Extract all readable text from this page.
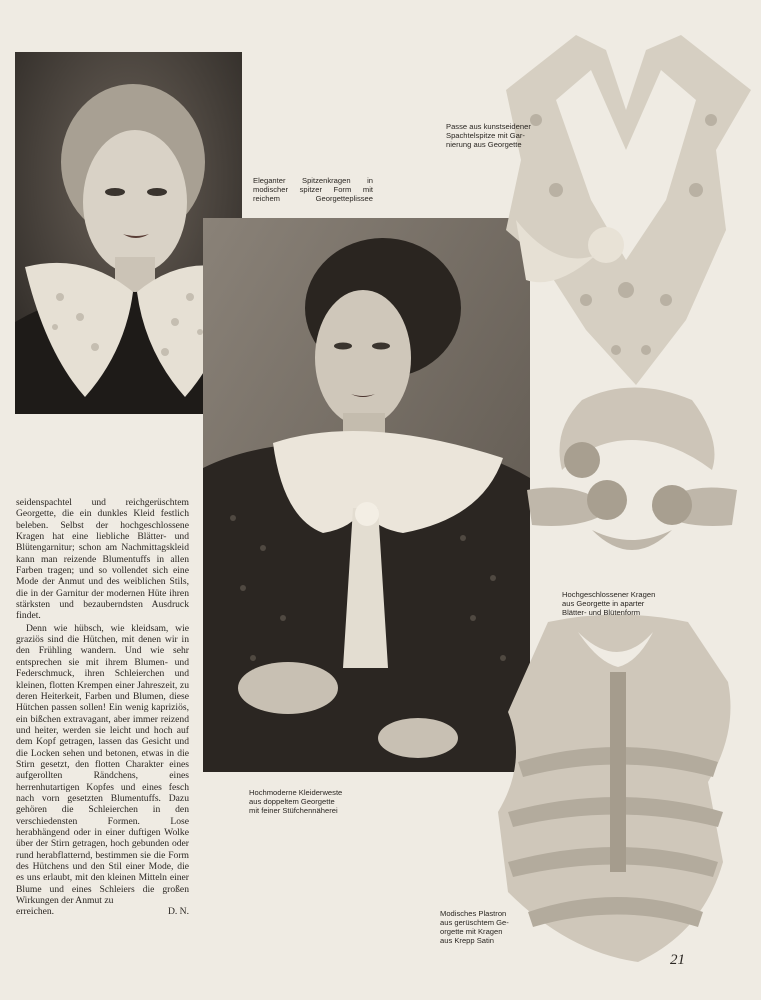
Eleganter Spitzenkragen in
modischer spitzer Form mit
reichem Georgetteplissee
Passe aus kunstseidener
Spachtelspitze mit Gar-
nierung aus Georgette
Hochmoderne Kleiderweste
aus doppeltem Georgette
mit feiner Stüfchennäherei
Hochgeschlossener Kragen
aus Georgette in aparter
Blätter- und Blütenform
Modisches Plastron
aus gerüschtem Ge-
orgette mit Kragen
aus Krepp Satin

seidenspachtel und reichgerüschtem Georgette, die ein dunkles Kleid festlich beleben. Selbst der hochgeschlossene Kragen hat eine liebliche Blätter- und Blütengarnitur; schon am Nachmittagskleid kann man reizende Blumentuffs in allen Farben tragen; und so vollendet sich eine Mode der Anmut und des weiblichen Stils, die in der Garnitur der modernen Hüte ihren stärksten und bezauberndsten Ausdruck findet.

Denn wie hübsch, wie kleidsam, wie graziös sind die Hütchen, mit denen wir in den Frühling wandern. Und wie sehr entsprechen sie mit ihrem Blumen- und Federschmuck, ihren Schleierchen und kleinen, flotten Krempen einer Jahreszeit, zu deren Heiterkeit, Farben und Blumen, diese Hütchen passen sollen! Ein wenig kapriziös, ein bißchen extravagant, aber immer reizend und heiter, werden sie leicht und hoch auf dem Kopf getragen, lassen das Gesicht und die Locken sehen und betonen, etwas in die Stirn gesetzt, den flotten Charakter eines aufgerollten Rändchens, eines herrenhutartigen Kopfes und eines fesch nach vorn gesetzten Blumentuffs. Dazu gehören die Schleierchen in den verschiedensten Formen. Lose herabhängend oder in einer duftigen Wolke über der Stirn getragen, hoch gebunden oder rund herabflatternd, bestimmen sie die Form des Hütchens und den Stil einer Mode, die es uns erlaubt, mit den kleinen Mitteln einer Blume und eines Schleiers die großen Wirkungen der Anmut zu

erreichen.	D. N.
21
